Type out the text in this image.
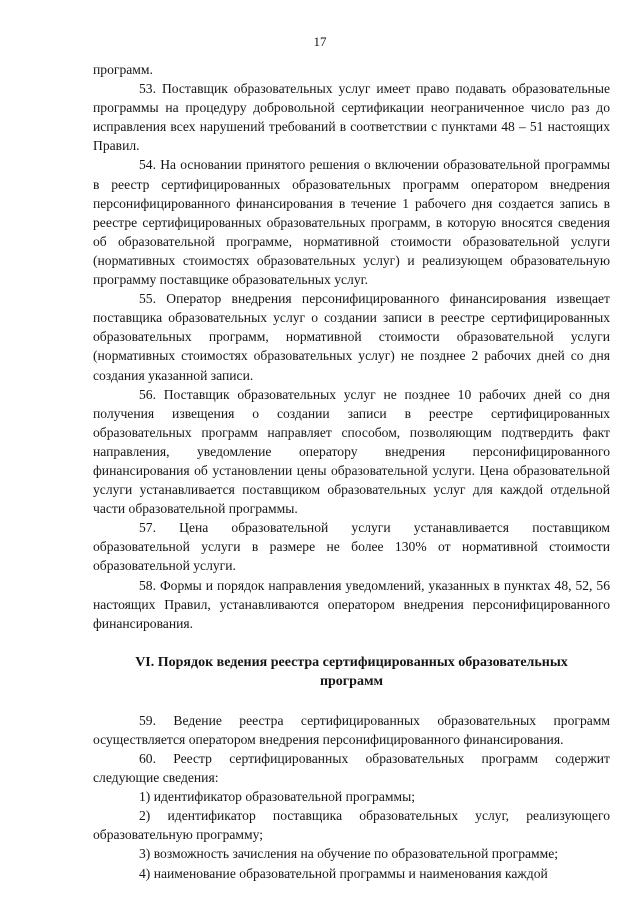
17

программ.

53. Поставщик образовательных услуг имеет право подавать образовательные программы на процедуру добровольной сертификации неограниченное число раз до исправления всех нарушений требований в соответствии с пунктами 48 – 51 настоящих Правил.

54. На основании принятого решения о включении образовательной программы в реестр сертифицированных образовательных программ оператором внедрения персонифицированного финансирования в течение 1 рабочего дня создается запись в реестре сертифицированных образовательных программ, в которую вносятся сведения об образовательной программе, нормативной стоимости образовательной услуги (нормативных стоимостях образовательных услуг) и реализующем образовательную программу поставщике образовательных услуг.

55. Оператор внедрения персонифицированного финансирования извещает поставщика образовательных услуг о создании записи в реестре сертифицированных образовательных программ, нормативной стоимости образовательной услуги (нормативных стоимостях образовательных услуг) не позднее 2 рабочих дней со дня создания указанной записи.

56. Поставщик образовательных услуг не позднее 10 рабочих дней со дня получения извещения о создании записи в реестре сертифицированных образовательных программ направляет способом, позволяющим подтвердить факт направления, уведомление оператору внедрения персонифицированного финансирования об установлении цены образовательной услуги. Цена образовательной услуги устанавливается поставщиком образовательных услуг для каждой отдельной части образовательной программы.

57. Цена образовательной услуги устанавливается поставщиком образовательной услуги в размере не более 130% от нормативной стоимости образовательной услуги.

58. Формы и порядок направления уведомлений, указанных в пунктах 48, 52, 56 настоящих Правил, устанавливаются оператором внедрения персонифицированного финансирования.

VI. Порядок ведения реестра сертифицированных образовательных программ

59. Ведение реестра сертифицированных образовательных программ осуществляется оператором внедрения персонифицированного финансирования.

60. Реестр сертифицированных образовательных программ содержит следующие сведения:

1) идентификатор образовательной программы;

2) идентификатор поставщика образовательных услуг, реализующего образовательную программу;

3) возможность зачисления на обучение по образовательной программе;

4) наименование образовательной программы и наименования каждой
